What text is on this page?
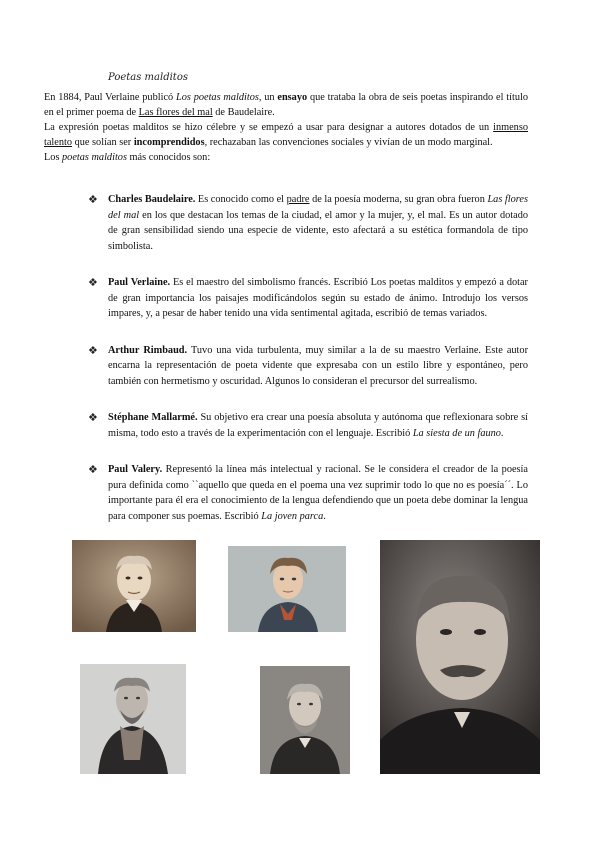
Poetas malditos

En 1884, Paul Verlaine publicó Los poetas malditos, un ensayo que trataba la obra de seis poetas inspirando el título en el primer poema de Las flores del mal de Baudelaire.

La expresión poetas malditos se hizo célebre y se empezó a usar para designar a autores dotados de un inmenso talento que solían ser incomprendidos, rechazaban las convenciones sociales y vivían de un modo marginal.

Los poetas malditos más conocidos son:

❖ Charles Baudelaire. Es conocido como el padre de la poesía moderna, su gran obra fueron Las flores del mal en los que destacan los temas de la ciudad, el amor y la mujer, y, el mal. Es un autor dotado de gran sensibilidad siendo una especie de vidente, esto afectará a su estética formandola de tipo simbolista.
❖ Paul Verlaine. Es el maestro del simbolismo francés. Escribió Los poetas malditos y empezó a dotar de gran importancia los paisajes modificándolos según su estado de ánimo. Introdujo los versos impares, y, a pesar de haber tenido una vida sentimental agitada, escribió de temas variados.
❖ Arthur Rimbaud. Tuvo una vida turbulenta, muy similar a la de su maestro Verlaine. Este autor encarna la representación de poeta vidente que expresaba con un estilo libre y espontáneo, pero también con hermetismo y oscuridad. Algunos lo consideran el precursor del surrealismo.
❖ Stéphane Mallarmé. Su objetivo era crear una poesía absoluta y autónoma que reflexionara sobre sí misma, todo esto a través de la experimentación con el lenguaje. Escribió La siesta de un fauno.
❖ Paul Valery. Representó la línea más intelectual y racional. Se le considera el creador de la poesía pura definida como ``aquello que queda en el poema una vez suprimir todo lo que no es poesía´´. Lo importante para él era el conocimiento de la lengua defendiendo que un poeta debe dominar la lengua para componer sus poemas. Escribió La joven parca.
